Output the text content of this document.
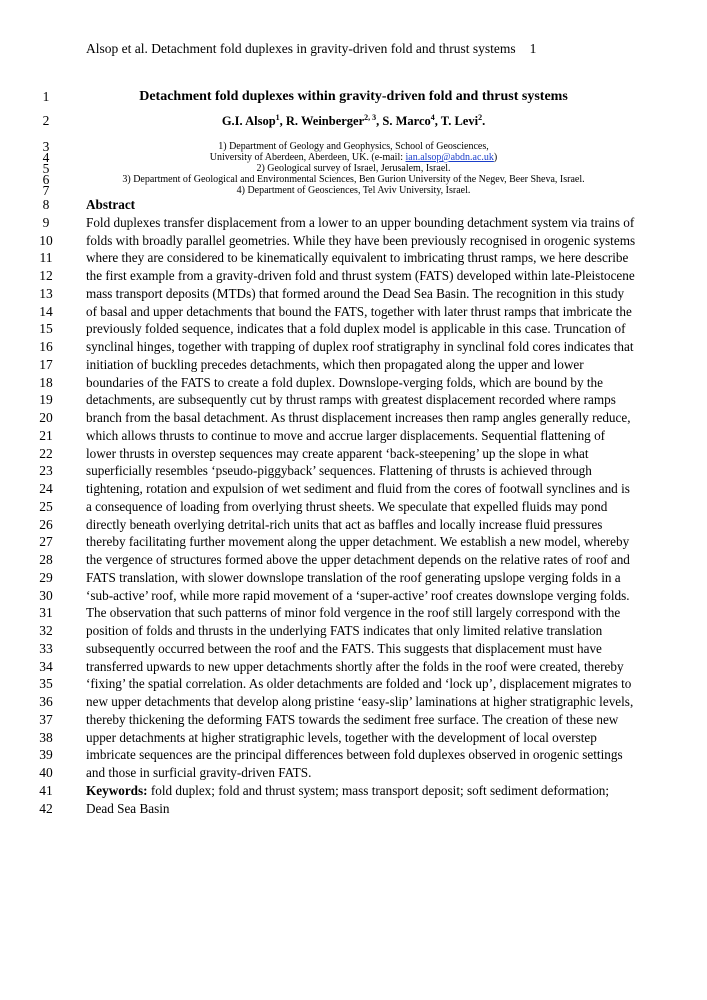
Alsop et al. Detachment fold duplexes in gravity-driven fold and thrust systems 1
1	Detachment fold duplexes within gravity-driven fold and thrust systems
2	G.I. Alsop$^1$, R. Weinberger$^{2, 3}$, S. Marco$^4$, T. Levi$^2$.
3	1) Department of Geology and Geophysics, School of Geosciences,
4	University of Aberdeen, Aberdeen, UK. (e-mail: ian.alsop@abdn.ac.uk)
5	2) Geological survey of Israel, Jerusalem, Israel.
6	3) Department of Geological and Environmental Sciences, Ben Gurion University of the Negev, Beer Sheva, Israel.
7	4) Department of Geosciences, Tel Aviv University, Israel.
8	Abstract
9	Fold duplexes transfer displacement from a lower to an upper bounding detachment system via trains of
10	folds with broadly parallel geometries. While they have been previously recognised in orogenic systems
11	where they are considered to be kinematically equivalent to imbricating thrust ramps, we here describe
12	the first example from a gravity-driven fold and thrust system (FATS) developed within late-Pleistocene
13	mass transport deposits (MTDs) that formed around the Dead Sea Basin. The recognition in this study
14	of basal and upper detachments that bound the FATS, together with later thrust ramps that imbricate the
15	previously folded sequence, indicates that a fold duplex model is applicable in this case. Truncation of
16	synclinal hinges, together with trapping of duplex roof stratigraphy in synclinal fold cores indicates that
17	initiation of buckling precedes detachments, which then propagated along the upper and lower
18	boundaries of the FATS to create a fold duplex. Downslope-verging folds, which are bound by the
19	detachments, are subsequently cut by thrust ramps with greatest displacement recorded where ramps
20	branch from the basal detachment. As thrust displacement increases then ramp angles generally reduce,
21	which allows thrusts to continue to move and accrue larger displacements. Sequential flattening of
22	lower thrusts in overstep sequences may create apparent ‘back-steepening’ up the slope in what
23	superficially resembles ‘pseudo-piggyback’ sequences. Flattening of thrusts is achieved through
24	tightening, rotation and expulsion of wet sediment and fluid from the cores of footwall synclines and is
25	a consequence of loading from overlying thrust sheets. We speculate that expelled fluids may pond
26	directly beneath overlying detrital-rich units that act as baffles and locally increase fluid pressures
27	thereby facilitating further movement along the upper detachment. We establish a new model, whereby
28	the vergence of structures formed above the upper detachment depends on the relative rates of roof and
29	FATS translation, with slower downslope translation of the roof generating upslope verging folds in a
30	‘sub-active’ roof, while more rapid movement of a ‘super-active’ roof creates downslope verging folds.
31	The observation that such patterns of minor fold vergence in the roof still largely correspond with the
32	position of folds and thrusts in the underlying FATS indicates that only limited relative translation
33	subsequently occurred between the roof and the FATS. This suggests that displacement must have
34	transferred upwards to new upper detachments shortly after the folds in the roof were created, thereby
35	‘fixing’ the spatial correlation. As older detachments are folded and ‘lock up’, displacement migrates to
36	new upper detachments that develop along pristine ‘easy-slip’ laminations at higher stratigraphic levels,
37	thereby thickening the deforming FATS towards the sediment free surface. The creation of these new
38	upper detachments at higher stratigraphic levels, together with the development of local overstep
39	imbricate sequences are the principal differences between fold duplexes observed in orogenic settings
40	and those in surficial gravity-driven FATS.
41	Keywords: fold duplex; fold and thrust system; mass transport deposit; soft sediment deformation;
42	Dead Sea Basin
